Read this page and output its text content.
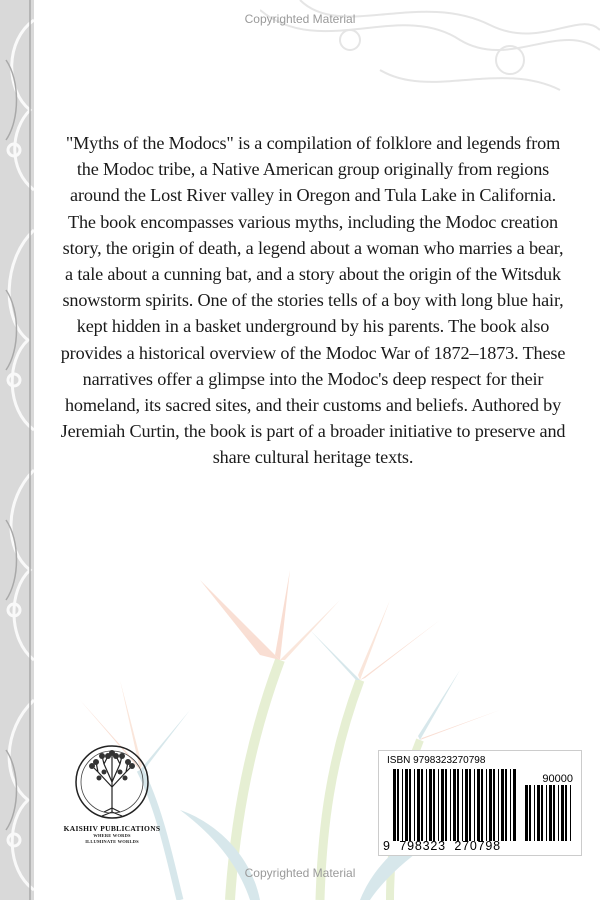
Copyrighted Material
"Myths of the Modocs" is a compilation of folklore and legends from the Modoc tribe, a Native American group originally from regions around the Lost River valley in Oregon and Tula Lake in California. The book encompasses various myths, including the Modoc creation story, the origin of death, a legend about a woman who marries a bear, a tale about a cunning bat, and a story about the origin of the Witsduk snowstorm spirits. One of the stories tells of a boy with long blue hair, kept hidden in a basket underground by his parents. The book also provides a historical overview of the Modoc War of 1872–1873. These narratives offer a glimpse into the Modoc's deep respect for their homeland, its sacred sites, and their customs and beliefs. Authored by Jeremiah Curtin, the book is part of a broader initiative to preserve and share cultural heritage texts.
KAISHIV PUBLICATIONS
WHERE WORDS
ILLUMINATE WORLDS
ISBN 9798323270798
90000
9 798323 270798
Copyrighted Material
